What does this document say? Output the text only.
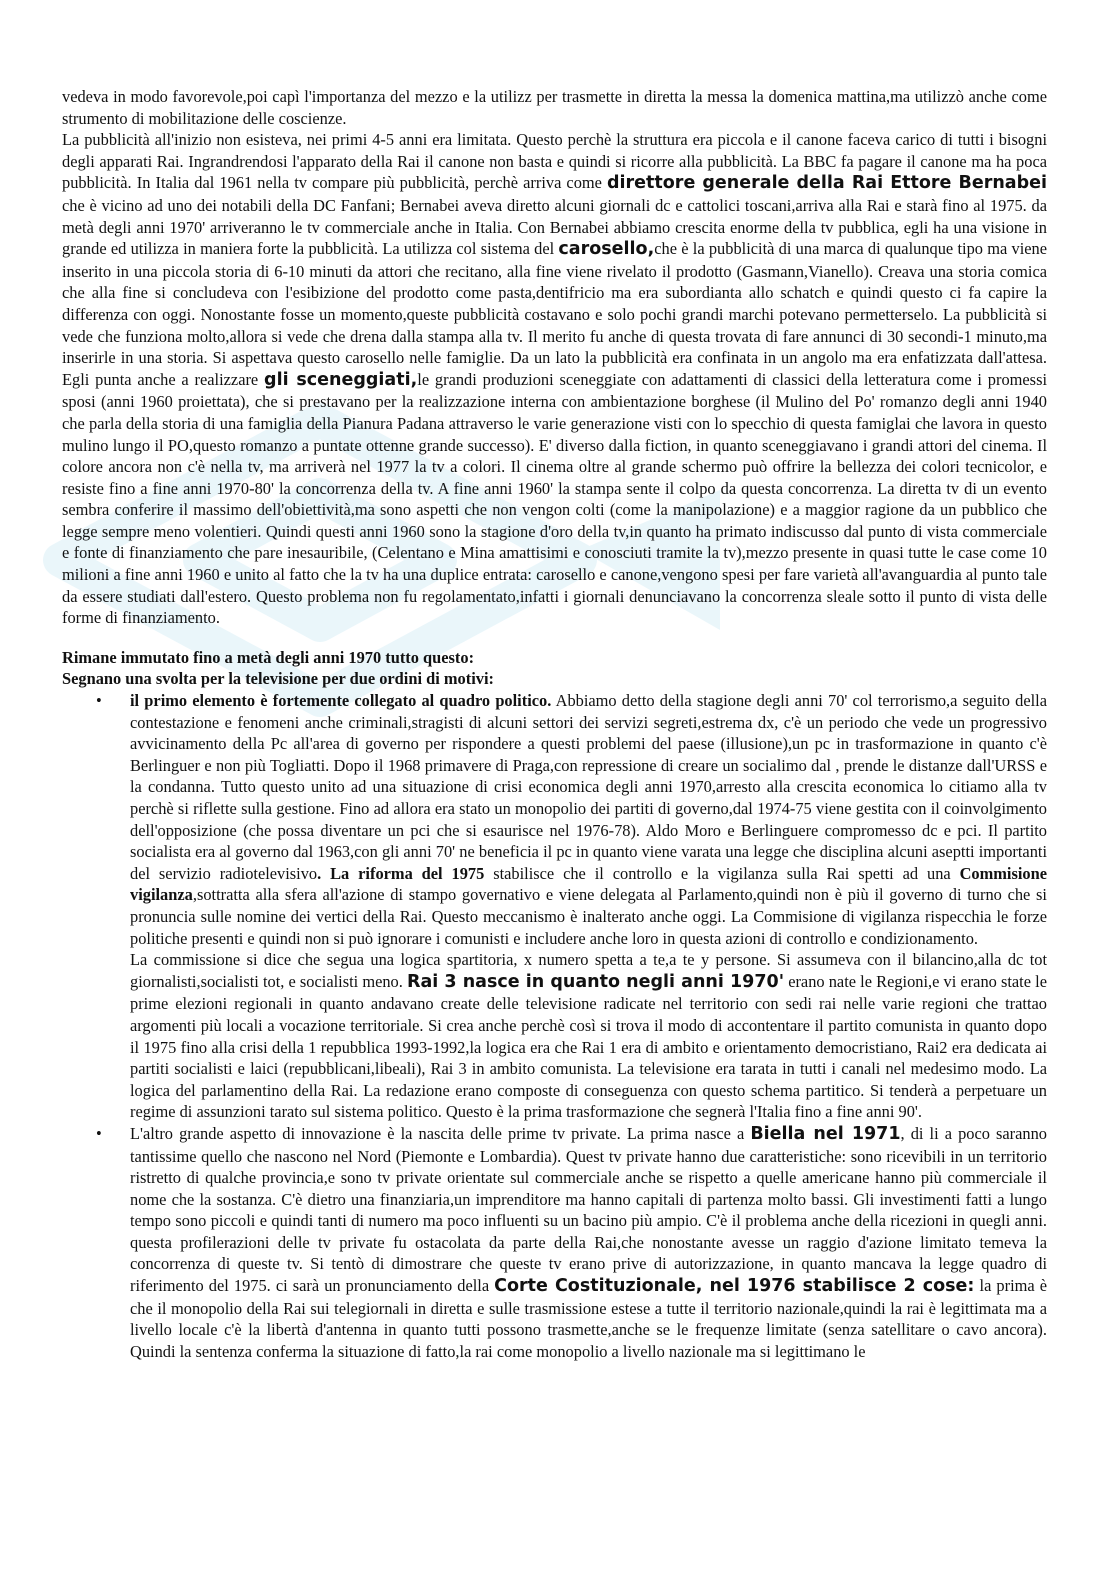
vedeva in modo favorevole,poi capì l'importanza del mezzo e la utilizz per trasmette in diretta la messa la domenica mattina,ma utilizzò anche come strumento di mobilitazione delle coscienze.

La pubblicità all'inizio non esisteva, nei primi 4-5 anni era limitata. Questo perchè la struttura era piccola e il canone faceva carico di tutti i bisogni degli apparati Rai. Ingrandrendosi l'apparato della Rai il canone non basta e quindi si ricorre alla pubblicità. La BBC fa pagare il canone ma ha poca pubblicità. In Italia dal 1961 nella tv compare più pubblicità, perchè arriva come direttore generale della Rai Ettore Bernabei che è vicino ad uno dei notabili della DC Fanfani; Bernabei aveva diretto alcuni giornali dc e cattolici toscani,arriva alla Rai e starà fino al 1975. da metà degli anni 1970' arriveranno le tv commerciale anche in Italia. Con Bernabei abbiamo crescita enorme della tv pubblica, egli ha una visione in grande ed utilizza in maniera forte la pubblicità. La utilizza col sistema del carosello,che è la pubblicità di una marca di qualunque tipo ma viene inserito in una piccola storia di 6-10 minuti da attori che recitano, alla fine viene rivelato il prodotto (Gasmann,Vianello). Creava una storia comica che alla fine si concludeva con l'esibizione del prodotto come pasta,dentifricio ma era subordianta allo schatch e quindi questo ci fa capire la differenza con oggi. Nonostante fosse un momento,queste pubblicità costavano e solo pochi grandi marchi potevano permetterselo. La pubblicità si vede che funziona molto,allora si vede che drena dalla stampa alla tv. Il merito fu anche di questa trovata di fare annunci di 30 secondi-1 minuto,ma inserirle in una storia. Si aspettava questo carosello nelle famiglie. Da un lato la pubblicità era confinata in un angolo ma era enfatizzata dall'attesa. Egli punta anche a realizzare gli sceneggiati,le grandi produzioni sceneggiate con adattamenti di classici della letteratura come i promessi sposi (anni 1960 proiettata), che si prestavano per la realizzazione interna con ambientazione borghese (il Mulino del Po' romanzo degli anni 1940 che parla della storia di una famiglia della Pianura Padana attraverso le varie generazione visti con lo specchio di questa famiglai che lavora in questo mulino lungo il PO,questo romanzo a puntate ottenne grande successo). E' diverso dalla fiction, in quanto sceneggiavano i grandi attori del cinema. Il colore ancora non c'è nella tv, ma arriverà nel 1977 la tv a colori. Il cinema oltre al grande schermo può offrire la bellezza dei colori tecnicolor, e resiste fino a fine anni 1970-80' la concorrenza della tv. A fine anni 1960' la stampa sente il colpo da questa concorrenza. La diretta tv di un evento sembra conferire il massimo dell'obiettività,ma sono aspetti che non vengon colti (come la manipolazione) e a maggior ragione da un pubblico che legge sempre meno volentieri. Quindi questi anni 1960 sono la stagione d'oro della tv,in quanto ha primato indiscusso dal punto di vista commerciale e fonte di finanziamento che pare inesauribile, (Celentano e Mina amattisimi e conosciuti tramite la tv),mezzo presente in quasi tutte le case come 10 milioni a fine anni 1960 e unito al fatto che la tv ha una duplice entrata: carosello e canone,vengono spesi per fare varietà all'avanguardia al punto tale da essere studiati dall'estero. Questo problema non fu regolamentato,infatti i giornali denunciavano la concorrenza sleale sotto il punto di vista delle forme di finanziamento.

Rimane immutato fino a metà degli anni 1970 tutto questo:

Segnano una svolta per la televisione per due ordini di motivi:

• il primo elemento è fortemente collegato al quadro politico. Abbiamo detto della stagione degli anni 70' col terrorismo,a seguito della contestazione e fenomeni anche criminali,stragisti di alcuni settori dei servizi segreti,estrema dx, c'è un periodo che vede un progressivo avvicinamento della Pc all'area di governo per rispondere a questi problemi del paese (illusione),un pc in trasformazione in quanto c'è Berlinguer e non più Togliatti. Dopo il 1968 primavere di Praga,con repressione di creare un socialimo dal , prende le distanze dall'URSS e la condanna. Tutto questo unito ad una situazione di crisi economica degli anni 1970,arresto alla crescita economica lo citiamo alla tv perchè si riflette sulla gestione. Fino ad allora era stato un monopolio dei partiti di governo,dal 1974-75 viene gestita con il coinvolgimento dell'opposizione (che possa diventare un pci che si esaurisce nel 1976-78). Aldo Moro e Berlinguere compromesso dc e pci. Il partito socialista era al governo dal 1963,con gli anni 70' ne beneficia il pc in quanto viene varata una legge che disciplina alcuni aseptti importanti del servizio radiotelevisivo. La riforma del 1975 stabilisce che il controllo e la vigilanza sulla Rai spetti ad una Commisione vigilanza,sottratta alla sfera all'azione di stampo governativo e viene delegata al Parlamento,quindi non è più il governo di turno che si pronuncia sulle nomine dei vertici della Rai. Questo meccanismo è inalterato anche oggi. La Commisione di vigilanza rispecchia le forze politiche presenti e quindi non si può ignorare i comunisti e includere anche loro in questa azioni di controllo e condizionamento.

La commissione si dice che segua una logica spartitoria, x numero spetta a te,a te y persone. Si assumeva con il bilancino,alla dc tot giornalisti,socialisti tot, e socialisti meno. Rai 3 nasce in quanto negli anni 1970' erano nate le Regioni,e vi erano state le prime elezioni regionali in quanto andavano create delle televisione radicate nel territorio con sedi rai nelle varie regioni che trattao argomenti più locali a vocazione territoriale. Si crea anche perchè così si trova il modo di accontentare il partito comunista in quanto dopo il 1975 fino alla crisi della 1 repubblica 1993-1992,la logica era che Rai 1 era di ambito e orientamento democristiano, Rai2 era dedicata ai partiti socialisti e laici (repubblicani,libeali), Rai 3 in ambito comunista. La televisione era tarata in tutti i canali nel medesimo modo. La logica del parlamentino della Rai. La redazione erano composte di conseguenza con questo schema partitico. Si tenderà a perpetuare un regime di assunzioni tarato sul sistema politico. Questo è la prima trasformazione che segnerà l'Italia fino a fine anni 90'.

• L'altro grande aspetto di innovazione è la nascita delle prime tv private. La prima nasce a Biella nel 1971, di li a poco saranno tantissime quello che nascono nel Nord (Piemonte e Lombardia). Quest tv private hanno due caratteristiche: sono ricevibili in un territorio ristretto di qualche provincia,e sono tv private orientate sul commerciale anche se rispetto a quelle americane hanno più commerciale il nome che la sostanza. C'è dietro una finanziaria,un imprenditore ma hanno capitali di partenza molto bassi. Gli investimenti fatti a lungo tempo sono piccoli e quindi tanti di numero ma poco influenti su un bacino più ampio. C'è il problema anche della ricezioni in quegli anni. questa profilerazioni delle tv private fu ostacolata da parte della Rai,che nonostante avesse un raggio d'azione limitato temeva la concorrenza di queste tv. Si tentò di dimostrare che queste tv erano prive di autorizzazione, in quanto mancava la legge quadro di riferimento del 1975. ci sarà un pronunciamento della Corte Costituzionale, nel 1976 stabilisce 2 cose: la prima è che il monopolio della Rai sui telegiornali in diretta e sulle trasmissione estese a tutte il territorio nazionale,quindi la rai è legittimata ma a livello locale c'è la libertà d'antenna in quanto tutti possono trasmette,anche se le frequenze limitate (senza satellitare o cavo ancora). Quindi la sentenza conferma la situazione di fatto,la rai come monopolio a livello nazionale ma si legittimano le
